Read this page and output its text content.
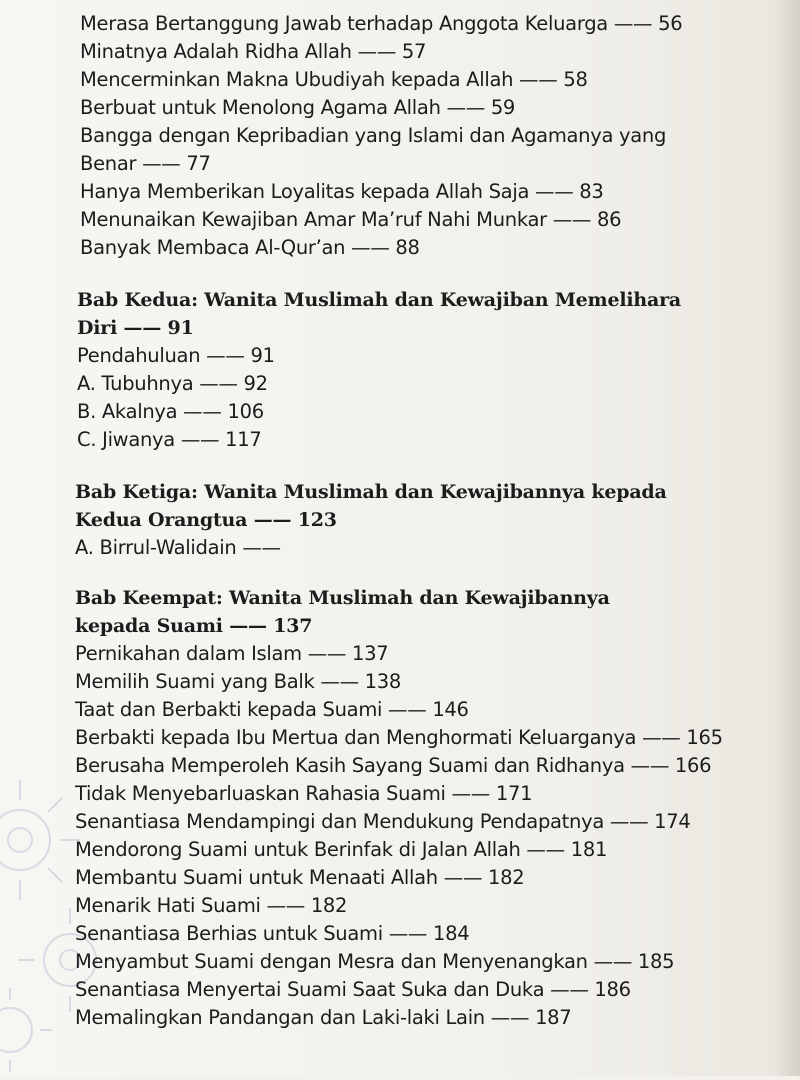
Merasa Bertanggung Jawab terhadap Anggota Keluarga —— 56
Minatnya Adalah Ridha Allah —— 57
Mencerminkan Makna Ubudiyah kepada Allah —— 58
Berbuat untuk Menolong Agama Allah —— 59
Bangga dengan Kepribadian yang Islami dan Agamanya yang
Benar —— 77
Hanya Memberikan Loyalitas kepada Allah Saja —— 83
Menunaikan Kewajiban Amar Ma’ruf Nahi Munkar —— 86
Banyak Membaca Al-Qur’an —— 88
Bab Kedua: Wanita Muslimah dan Kewajiban Memelihara
Diri —— 91
Pendahuluan —— 91
A. Tubuhnya —— 92
B. Akalnya —— 106
C. Jiwanya —— 117
Bab Ketiga: Wanita Muslimah dan Kewajibannya kepada
Kedua Orangtua —— 123
A. Birrul-Walidain ——
Bab Keempat: Wanita Muslimah dan Kewajibannya
kepada Suami —— 137
Pernikahan dalam Islam —— 137
Memilih Suami yang Balk —— 138
Taat dan Berbakti kepada Suami —— 146
Berbakti kepada Ibu Mertua dan Menghormati Keluarganya —— 165
Berusaha Memperoleh Kasih Sayang Suami dan Ridhanya —— 166
Tidak Menyebarluaskan Rahasia Suami —— 171
Senantiasa Mendampingi dan Mendukung Pendapatnya —— 174
Mendorong Suami untuk Berinfak di Jalan Allah —— 181
Membantu Suami untuk Menaati Allah —— 182
Menarik Hati Suami —— 182
Senantiasa Berhias untuk Suami —— 184
Menyambut Suami dengan Mesra dan Menyenangkan —— 185
Senantiasa Menyertai Suami Saat Suka dan Duka —— 186
Memalingkan Pandangan dan Laki-laki Lain —— 187
